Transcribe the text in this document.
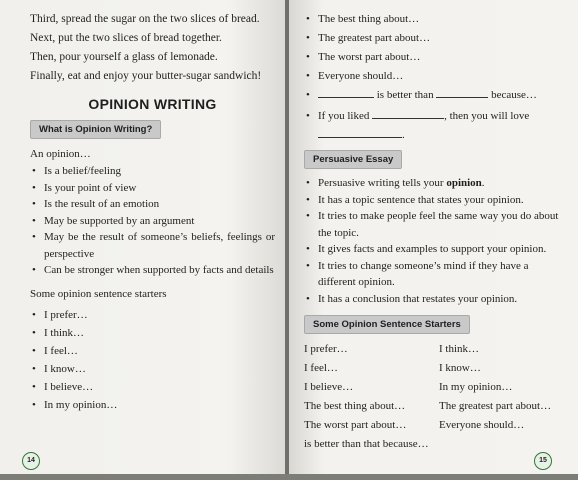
Third, spread the sugar on the two slices of bread.
Next, put the two slices of bread together.
Then, pour yourself a glass of lemonade.
Finally, eat and enjoy your butter-sugar sandwich!
OPINION WRITING
What is Opinion Writing?
An opinion…
• Is a belief/feeling
• Is your point of view
• Is the result of an emotion
• May be supported by an argument
• May be the result of someone’s beliefs, feelings or perspective
• Can be stronger when supported by facts and details
Some opinion sentence starters
• I prefer…
• I think…
• I feel…
• I know…
• I believe…
• In my opinion…
14
• The best thing about…
• The greatest part about…
• The worst part about…
• Everyone should…
•	is better than	because…
• If you liked	, then you will love
.
Persuasive Essay
• Persuasive writing tells your opinion.
• It has a topic sentence that states your opinion.
• It tries to make people feel the same way you do about the topic.
• It gives facts and examples to support your opinion.
• It tries to change someone’s mind if they have a different opinion.
• It has a conclusion that restates your opinion.
Some Opinion Sentence Starters
I prefer…	I think…
I feel…	I know…
I believe…	In my opinion…
The best thing about…	The greatest part about…
The worst part about…	Everyone should…
is better than that because…
15
